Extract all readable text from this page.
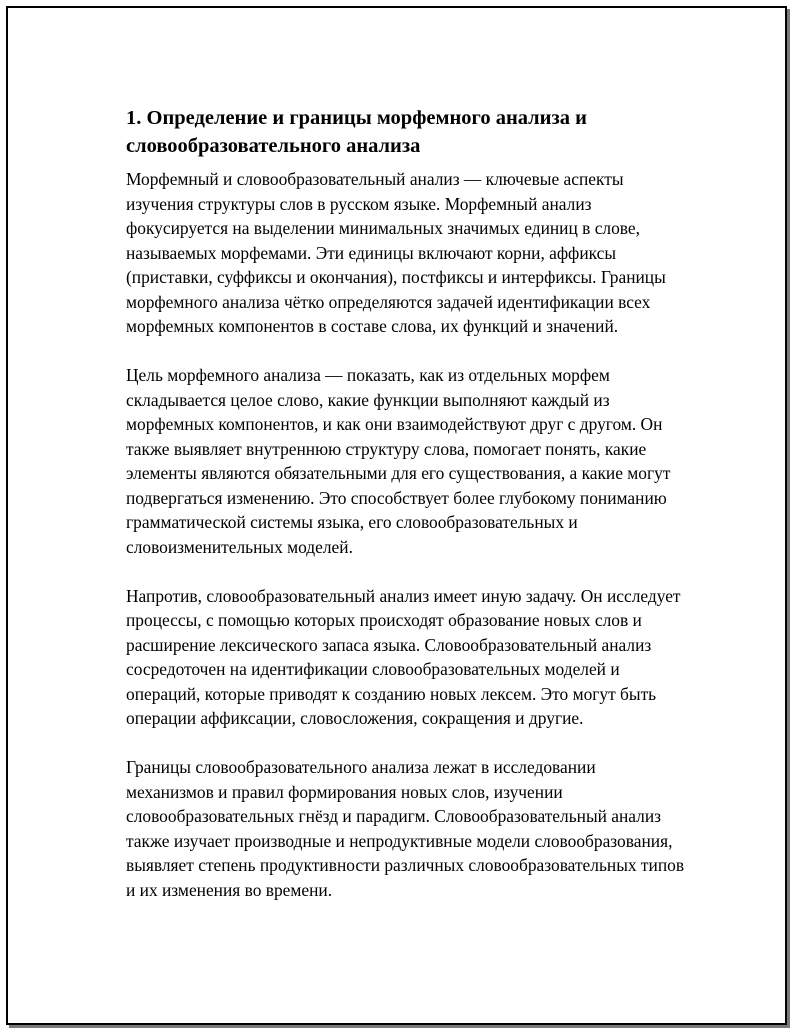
1. Определение и границы морфемного анализа и словообразовательного анализа

Морфемный и словообразовательный анализ — ключевые аспекты изучения структуры слов в русском языке. Морфемный анализ фокусируется на выделении минимальных значимых единиц в слове, называемых морфемами. Эти единицы включают корни, аффиксы (приставки, суффиксы и окончания), постфиксы и интерфиксы. Границы морфемного анализа чётко определяются задачей идентификации всех морфемных компонентов в составе слова, их функций и значений.

Цель морфемного анализа — показать, как из отдельных морфем складывается целое слово, какие функции выполняют каждый из морфемных компонентов, и как они взаимодействуют друг с другом. Он также выявляет внутреннюю структуру слова, помогает понять, какие элементы являются обязательными для его существования, а какие могут подвергаться изменению. Это способствует более глубокому пониманию грамматической системы языка, его словообразовательных и словоизменительных моделей.

Напротив, словообразовательный анализ имеет иную задачу. Он исследует процессы, с помощью которых происходят образование новых слов и расширение лексического запаса языка. Словообразовательный анализ сосредоточен на идентификации словообразовательных моделей и операций, которые приводят к созданию новых лексем. Это могут быть операции аффиксации, словосложения, сокращения и другие.

Границы словообразовательного анализа лежат в исследовании механизмов и правил формирования новых слов, изучении словообразовательных гнёзд и парадигм. Словообразовательный анализ также изучает производные и непродуктивные модели словообразования, выявляет степень продуктивности различных словообразовательных типов и их изменения во времени.
